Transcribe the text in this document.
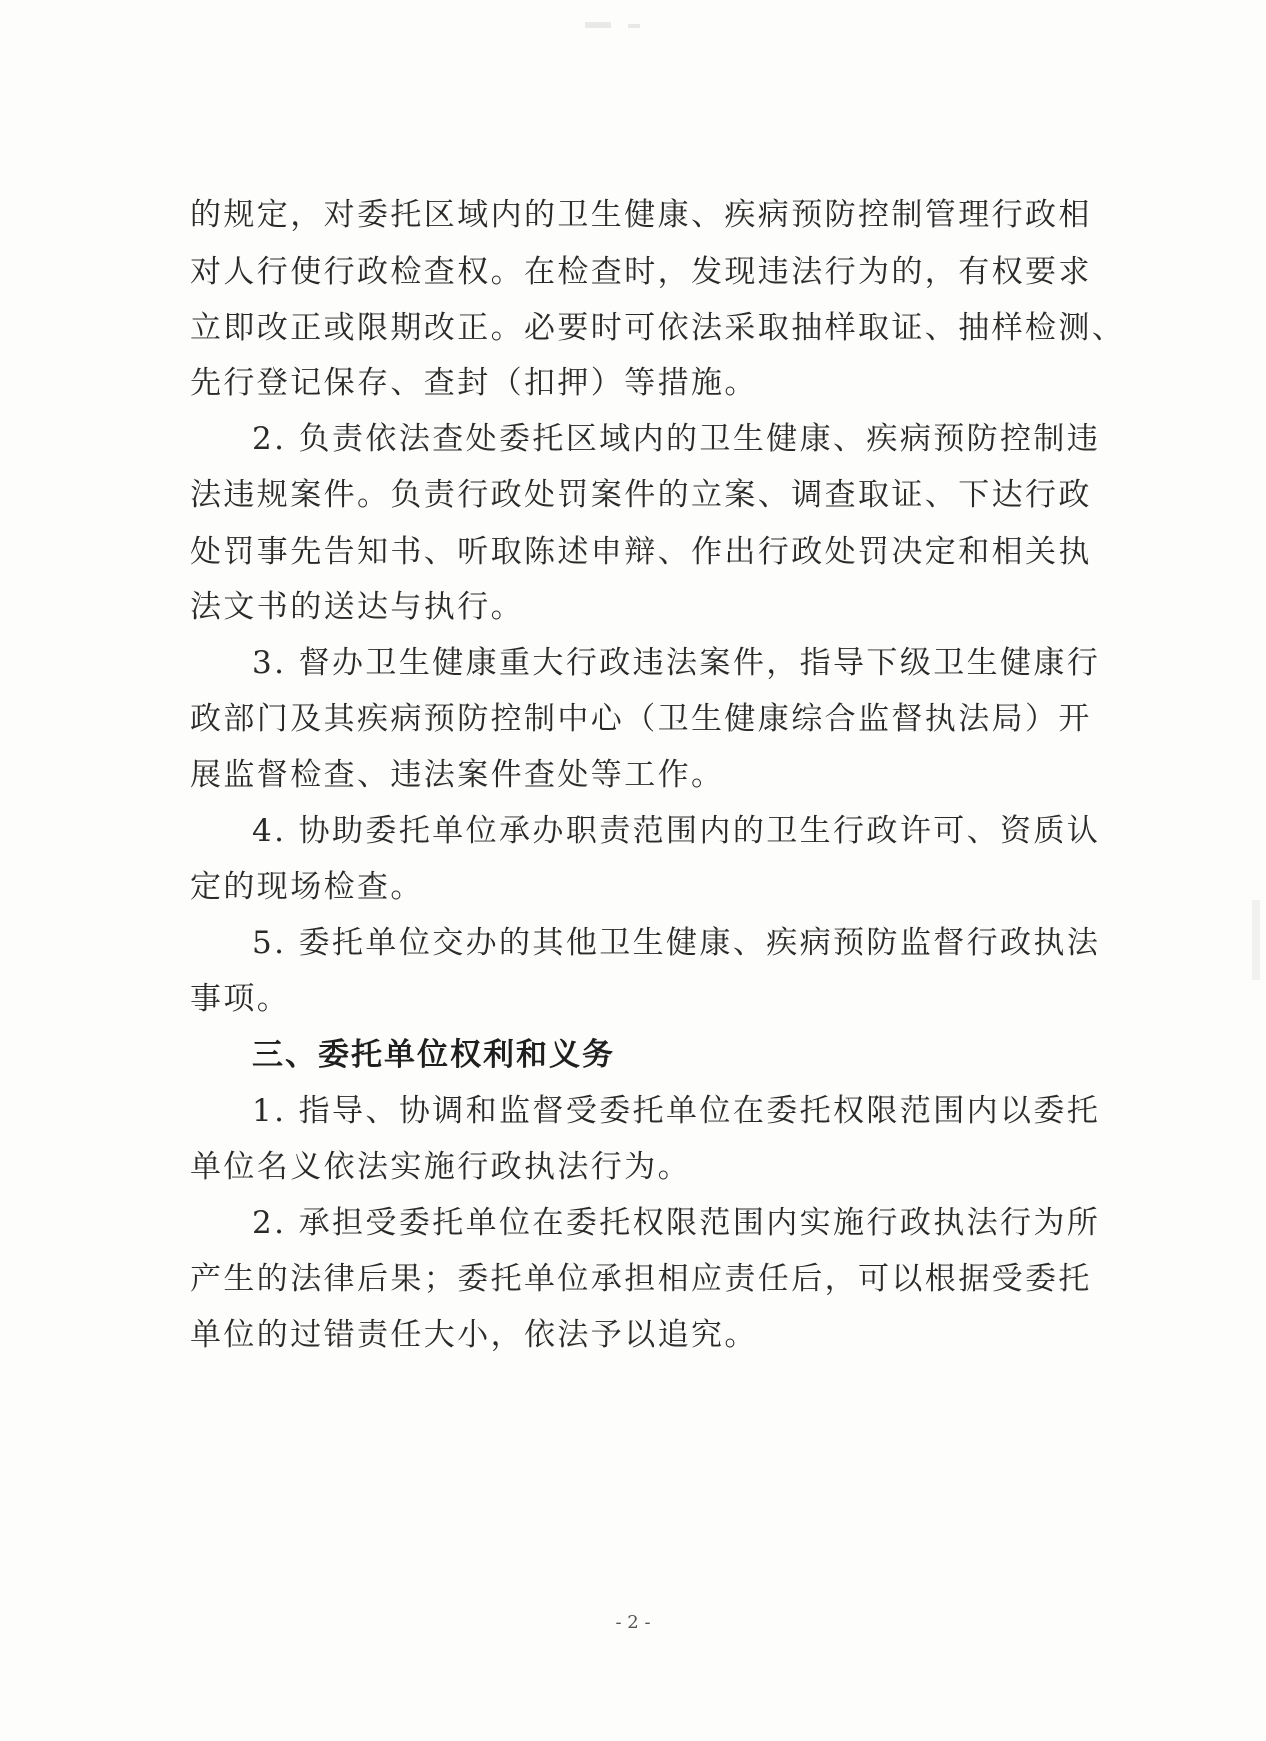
的规定，对委托区域内的卫生健康、疾病预防控制管理行政相
对人行使行政检查权。在检查时，发现违法行为的，有权要求
立即改正或限期改正。必要时可依法采取抽样取证、抽样检测、
先行登记保存、查封（扣押）等措施。
2. 负责依法查处委托区域内的卫生健康、疾病预防控制违
法违规案件。负责行政处罚案件的立案、调查取证、下达行政
处罚事先告知书、听取陈述申辩、作出行政处罚决定和相关执
法文书的送达与执行。
3. 督办卫生健康重大行政违法案件，指导下级卫生健康行
政部门及其疾病预防控制中心（卫生健康综合监督执法局）开
展监督检查、违法案件查处等工作。
4. 协助委托单位承办职责范围内的卫生行政许可、资质认
定的现场检查。
5. 委托单位交办的其他卫生健康、疾病预防监督行政执法
事项。
三、委托单位权利和义务
1. 指导、协调和监督受委托单位在委托权限范围内以委托
单位名义依法实施行政执法行为。
2. 承担受委托单位在委托权限范围内实施行政执法行为所
产生的法律后果；委托单位承担相应责任后，可以根据受委托
单位的过错责任大小，依法予以追究。
- 2 -
